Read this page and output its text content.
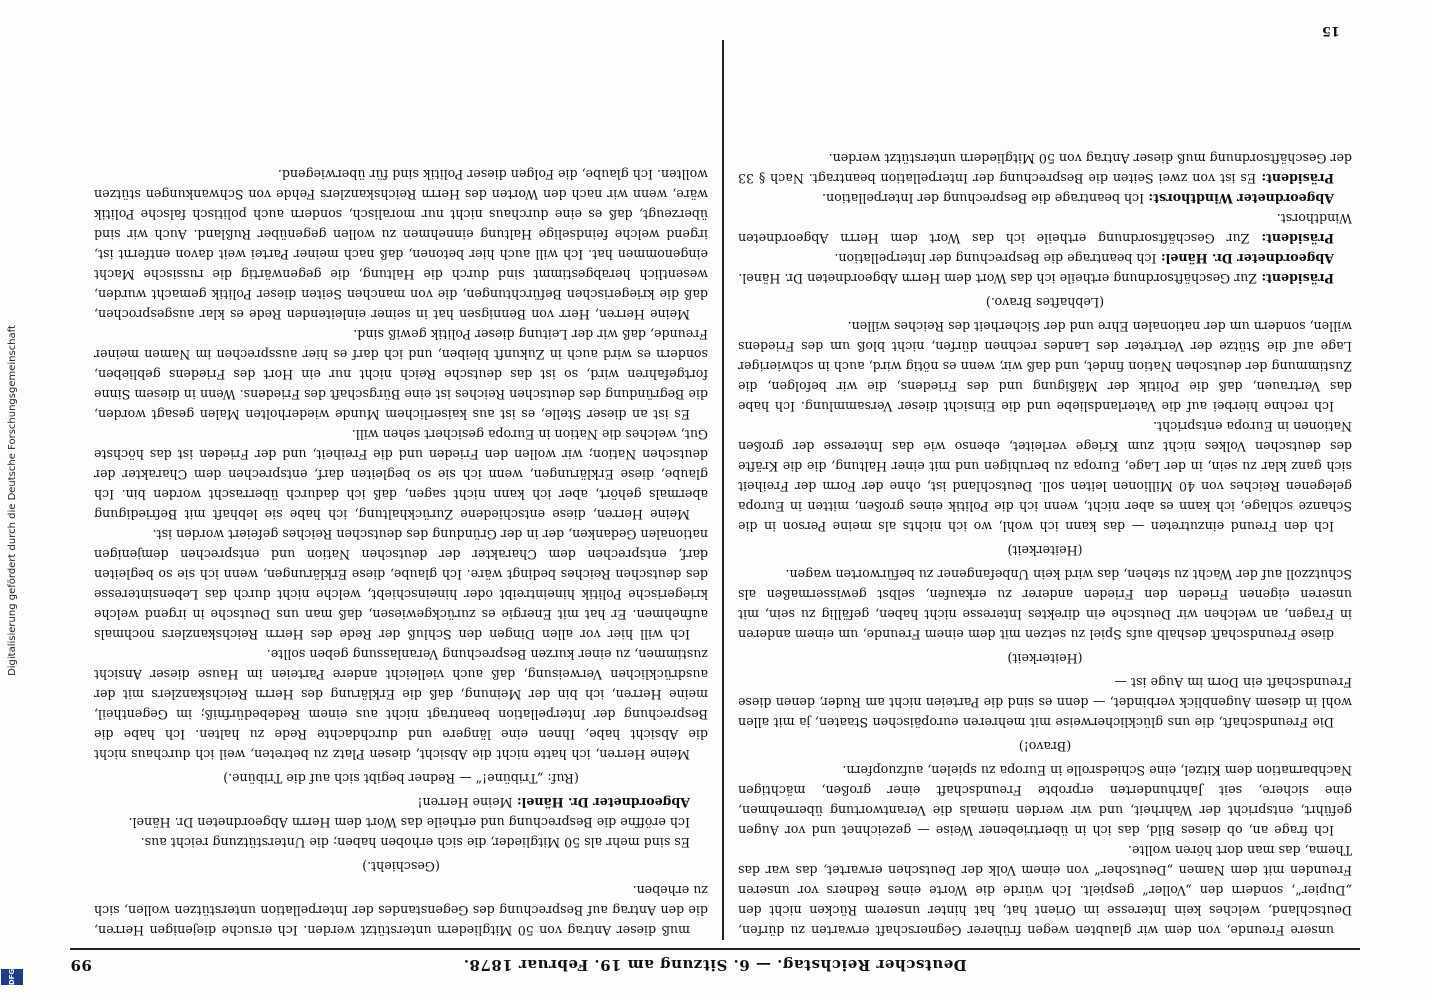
Digitalisierung gefördert durch die Deutsche Forschungsgemeinschaft
DFG
Deutscher Reichstag. — 6. Sitzung am 19. Februar 1878.
99

unsere Freunde, von dem wir glaubten wegen früherer Gegnerschaft erwarten zu dürfen, Deutschland, welches kein Interesse im Orient hat, hat hinter unserem Rücken nicht den „Dupier“, sondern den „Voller“ gespielt. Ich würde die Worte eines Redners vor unseren Freunden mit dem Namen „Deutscher“ von einem Volk der Deutschen erwartet, das war das Thema, das man dort hören wollte.

Ich frage an, ob dieses Bild, das ich in übertriebener Weise — gezeichnet und vor Augen geführt, entspricht der Wahrheit, und wir werden niemals die Verantwortung übernehmen, eine sichere, seit Jahrhunderten erprobte Freundschaft einer großen, mächtigen Nachbarnation dem Kitzel, eine Schiedsrolle in Europa zu spielen, aufzuopfern.

(Bravo!)

Die Freundschaft, die uns glücklicherweise mit mehreren europäischen Staaten, ja mit allen wohl in diesem Augenblick verbindet, — denn es sind die Parteien nicht am Ruder, denen diese Freundschaft ein Dorn im Auge ist —

(Heiterkeit)

diese Freundschaft deshalb aufs Spiel zu setzen mit dem einem Freunde, um einem anderen in Fragen, an welchen wir Deutsche ein direktes Interesse nicht haben, gefällig zu sein, mit unseren eigenen Frieden den Frieden anderer zu erkaufen, selbst gewissermaßen als Schutzzoll auf der Wacht zu stehen, das wird kein Unbefangener zu befürworten wagen.

(Heiterkeit)

Ich den Freund einzutreten — das kann ich wohl, wo ich nichts als meine Person in die Schanze schlage, ich kann es aber nicht, wenn ich die Politik eines großen, mitten in Europa gelegenen Reiches von 40 Millionen leiten soll. Deutschland ist, ohne der Form der Freiheit sich ganz klar zu sein, in der Lage, Europa zu beruhigen und mit einer Haltung, die die Kräfte des deutschen Volkes nicht zum Kriege verleitet, ebenso wie das Interesse der großen Nationen in Europa entspricht.

Ich rechne hierbei auf die Vaterlandsliebe und die Einsicht dieser Versammlung. Ich habe das Vertrauen, daß die Politik der Mäßigung und des Friedens, die wir befolgen, die Zustimmung der deutschen Nation findet, und daß wir, wenn es nötig wird, auch in schwieriger Lage auf die Stütze der Vertreter des Landes rechnen dürfen, nicht bloß um des Friedens willen, sondern um der nationalen Ehre und der Sicherheit des Reiches willen.

(Lebhaftes Bravo.)

Präsident: Zur Geschäftsordnung ertheile ich das Wort dem Herrn Abgeordneten Dr. Hänel.

Abgeordneter Dr. Hänel: Ich beantrage die Besprechung der Interpellation.

Präsident: Zur Geschäftsordnung ertheile ich das Wort dem Herrn Abgeordneten Windthorst.

Abgeordneter Windthorst: Ich beantrage die Besprechung der Interpellation.

Präsident: Es ist von zwei Seiten die Besprechung der Interpellation beantragt. Nach § 33 der Geschäftsordnung muß dieser Antrag von 50 Mitgliedern unterstützt werden.

muß dieser Antrag von 50 Mitgliedern unterstützt werden. Ich ersuche diejenigen Herren, die den Antrag auf Besprechung des Gegenstandes der Interpellation unterstützen wollen, sich zu erheben.

(Geschieht.)

Es sind mehr als 50 Mitglieder, die sich erhoben haben; die Unterstützung reicht aus.

Ich eröffne die Besprechung und ertheile das Wort dem Herrn Abgeordneten Dr. Hänel.

Abgeordneter Dr. Hänel: Meine Herren!

(Ruf: „Tribüne!“ — Redner begibt sich auf die Tribüne.)

Meine Herren, ich hatte nicht die Absicht, diesen Platz zu betreten, weil ich durchaus nicht die Absicht habe, Ihnen eine längere und durchdachte Rede zu halten. Ich habe die Besprechung der Interpellation beantragt nicht aus einem Redebedürfniß; im Gegentheil, meine Herren, ich bin der Meinung, daß die Erklärung des Herrn Reichskanzlers mit der ausdrücklichen Verweisung, daß auch vielleicht andere Parteien im Hause dieser Ansicht zustimmen, zu einer kurzen Besprechung Veranlassung geben sollte.

Ich will hier vor allen Dingen den Schluß der Rede des Herrn Reichskanzlers nochmals aufnehmen. Er hat mit Energie es zurückgewiesen, daß man uns Deutsche in irgend welche kriegerische Politik hineintreibt oder hineinschiebt, welche nicht durch das Lebensinteresse des deutschen Reiches bedingt wäre. Ich glaube, diese Erklärungen, wenn ich sie so begleiten darf, entsprechen dem Charakter der deutschen Nation und entsprechen demjenigen nationalen Gedanken, der in der Gründung des deutschen Reiches gefeiert worden ist.

Meine Herren, diese entschiedene Zurückhaltung, ich habe sie lebhaft mit Befriedigung abermals gehört, aber ich kann nicht sagen, daß ich dadurch überrascht worden bin. Ich glaube, diese Erklärungen, wenn ich sie so begleiten darf, entsprechen dem Charakter der deutschen Nation; wir wollen den Frieden und die Freiheit, und der Frieden ist das höchste Gut, welches die Nation in Europa gesichert sehen will.

Es ist an dieser Stelle, es ist aus kaiserlichem Munde wiederholten Malen gesagt worden, die Begründung des deutschen Reiches ist eine Bürgschaft des Friedens. Wenn in diesem Sinne fortgefahren wird, so ist das deutsche Reich nicht nur ein Hort des Friedens geblieben, sondern es wird auch in Zukunft bleiben, und ich darf es hier aussprechen im Namen meiner Freunde, daß wir der Leitung dieser Politik gewiß sind.

Meine Herren, Herr von Bennigsen hat in seiner einleitenden Rede es klar ausgesprochen, daß die kriegerischen Befürchtungen, die von manchen Seiten dieser Politik gemacht wurden, wesentlich herabgestimmt sind durch die Haltung, die gegenwärtig die russische Macht eingenommen hat. Ich will auch hier betonen, daß nach meiner Partei weit davon entfernt ist, irgend welche feindselige Haltung einnehmen zu wollen gegenüber Rußland. Auch wir sind überzeugt, daß es eine durchaus nicht nur moralisch, sondern auch politisch falsche Politik wäre, wenn wir nach den Worten des Herrn Reichskanzlers Fehde von Schwankungen stützen wollten. Ich glaube, die Folgen dieser Politik sind für überwiegend.

15
